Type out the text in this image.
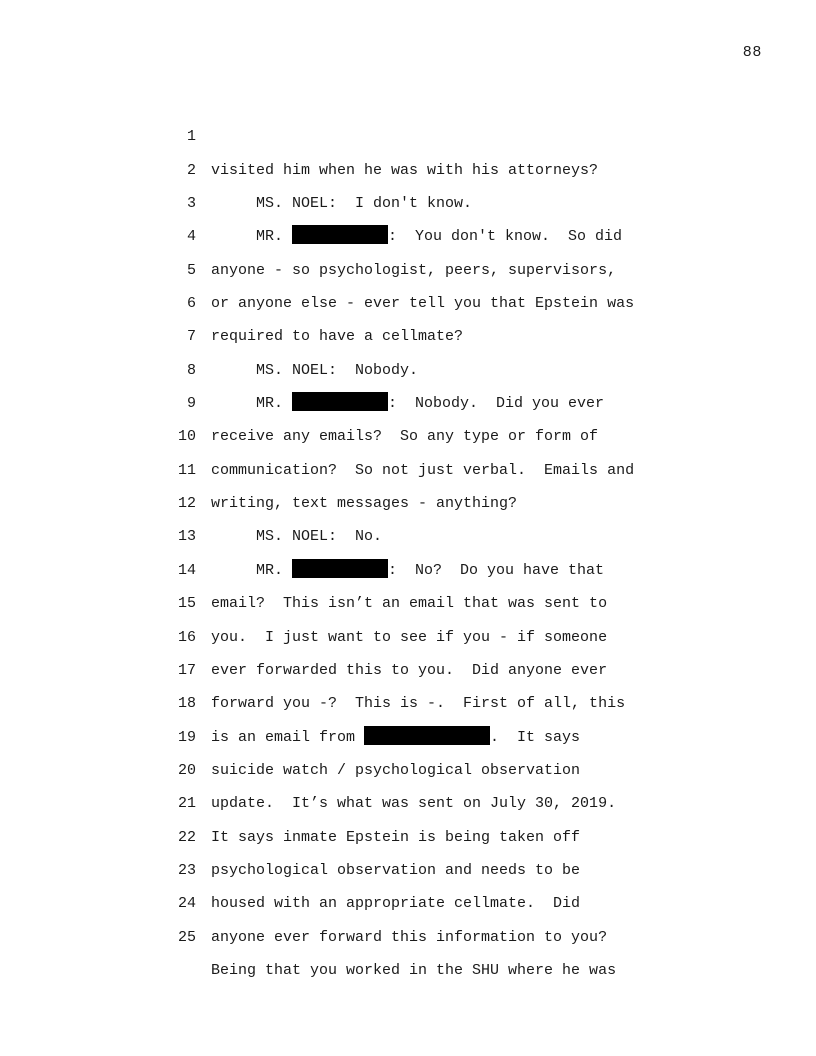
88

1

visited him when he was with his attorneys?

2

MS. NOEL:  I don't know.

3

MR.	:  You don't know.  So did

4

anyone - so psychologist, peers, supervisors,

5

or anyone else - ever tell you that Epstein was

6

required to have a cellmate?

7

MS. NOEL:  Nobody.

8

MR.	:  Nobody.  Did you ever

9

receive any emails?  So any type or form of

10

communication?  So not just verbal.  Emails and

11

writing, text messages - anything?

12

MS. NOEL:  No.

13

MR.	:  No?  Do you have that

14

email?  This isn’t an email that was sent to

15

you.  I just want to see if you - if someone

16

ever forwarded this to you.  Did anyone ever

17

forward you -?  This is -.  First of all, this

18

is an email from	.  It says

19

suicide watch / psychological observation

20

update.  It’s what was sent on July 30, 2019.

21

It says inmate Epstein is being taken off

22

psychological observation and needs to be

23

housed with an appropriate cellmate.  Did

24

anyone ever forward this information to you?

25

Being that you worked in the SHU where he was
